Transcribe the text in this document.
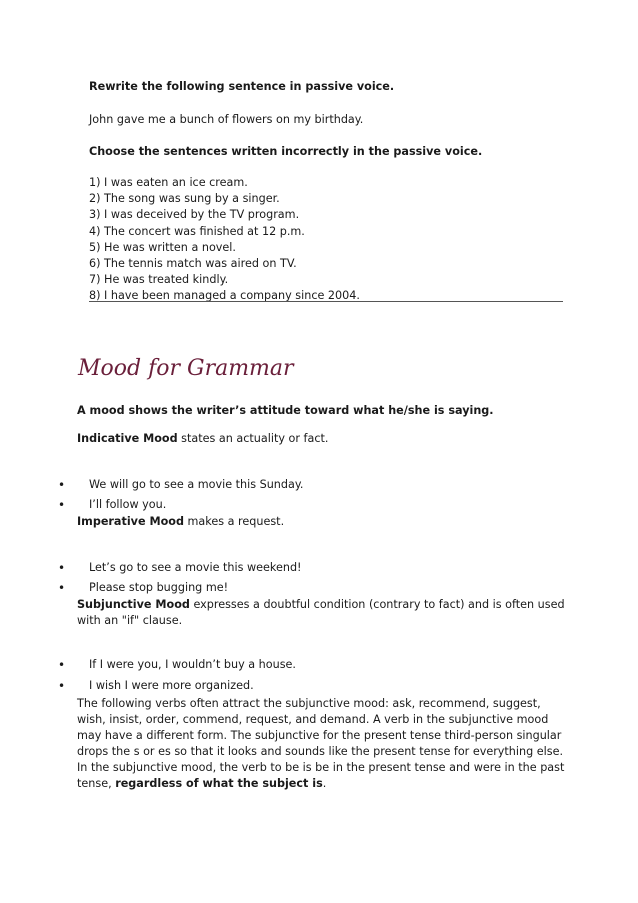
Rewrite the following sentence in passive voice.
John gave me a bunch of flowers on my birthday.
Choose the sentences written incorrectly in the passive voice.
1) I was eaten an ice cream.
2) The song was sung by a singer.
3) I was deceived by the TV program.
4) The concert was finished at 12 p.m.
5) He was written a novel.
6) The tennis match was aired on TV.
7) He was treated kindly.
8) I have been managed a company since 2004.
Mood for Grammar
A mood shows the writer’s attitude toward what he/she is saying.
Indicative Mood states an actuality or fact.
• We will go to see a movie this Sunday.
• I’ll follow you.
Imperative Mood makes a request.
• Let’s go to see a movie this weekend!
• Please stop bugging me!
Subjunctive Mood expresses a doubtful condition (contrary to fact) and is often used with an "if" clause.
• If I were you, I wouldn’t buy a house.
• I wish I were more organized.
The following verbs often attract the subjunctive mood: ask, recommend, suggest, wish, insist, order, commend, request, and demand. A verb in the subjunctive mood may have a different form. The subjunctive for the present tense third-person singular drops the s or es so that it looks and sounds like the present tense for everything else. In the subjunctive mood, the verb to be is be in the present tense and were in the past tense, regardless of what the subject is.
